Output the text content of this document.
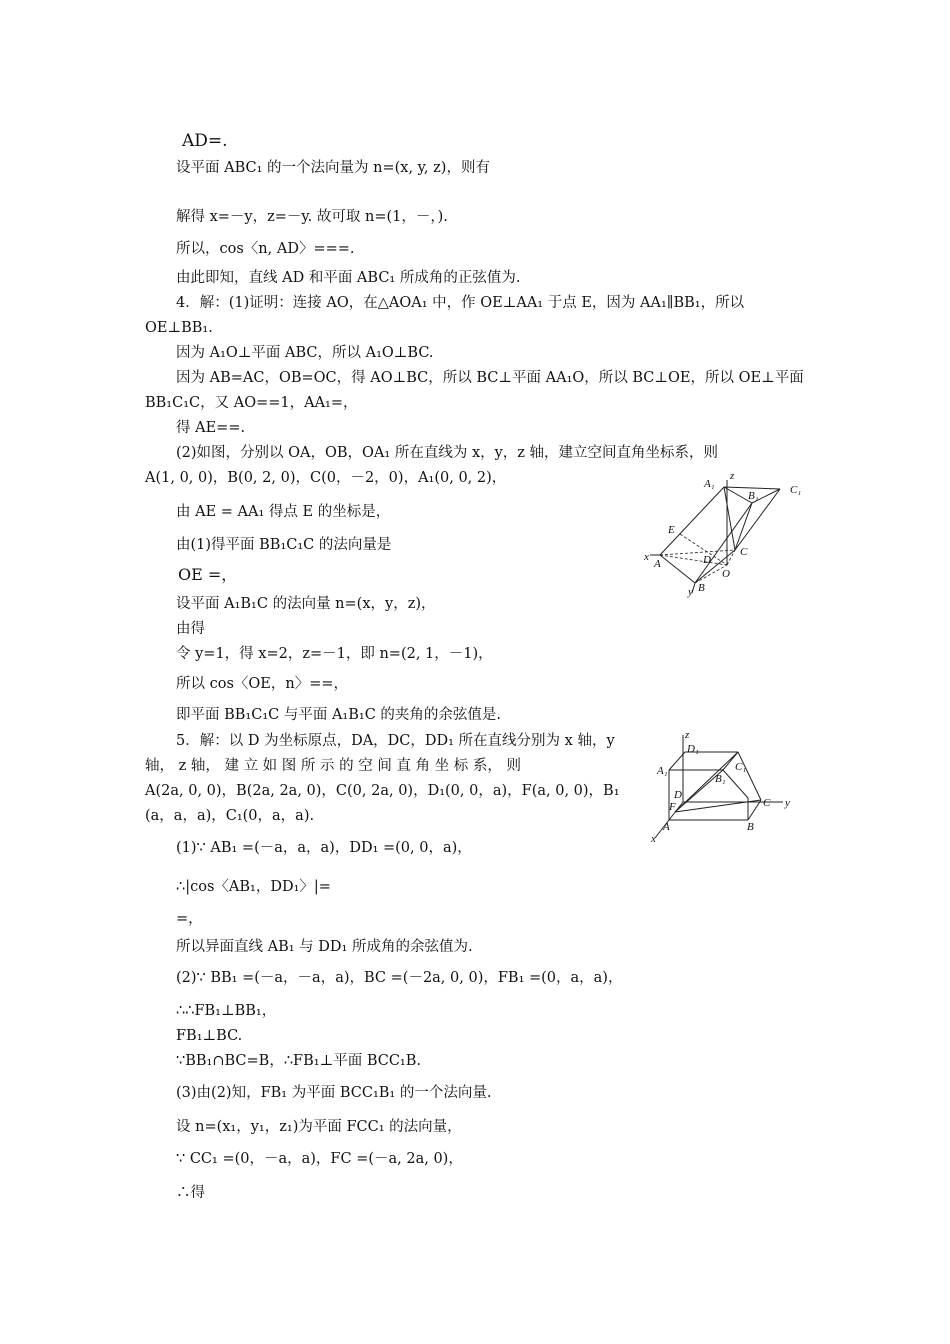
AD=.
设平面 ABC₁ 的一个法向量为 n=(x, y, z)，则有
解得 x=－y，z=－y. 故可取 n=(1，－，).
所以，cos〈n, AD〉===.
由此即知，直线 AD 和平面 ABC₁ 所成角的正弦值为.
4．解：(1)证明：连接 AO，在△AOA₁ 中，作 OE⊥AA₁ 于点 E，因为 AA₁∥BB₁，所以
OE⊥BB₁.
因为 A₁O⊥平面 ABC，所以 A₁O⊥BC.
因为 AB=AC，OB=OC，得 AO⊥BC，所以 BC⊥平面 AA₁O，所以 BC⊥OE，所以 OE⊥平面
BB₁C₁C，又 AO==1，AA₁=，
得 AE==.
(2)如图，分别以 OA，OB，OA₁ 所在直线为 x，y，z 轴，建立空间直角坐标系，则
A(1, 0, 0)，B(0, 2, 0)，C(0，－2，0)，A₁(0, 0, 2)，
由 AE = AA₁ 得点 E 的坐标是，
由(1)得平面 BB₁C₁C 的法向量是
OE =，
设平面 A₁B₁C 的法向量 n=(x，y，z)，
由得
令 y=1，得 x=2，z=－1，即 n=(2, 1，－1)，
所以 cos〈OE，n〉==，
即平面 BB₁C₁C 与平面 A₁B₁C 的夹角的余弦值是.
5．解：以 D 为坐标原点，DA，DC，DD₁ 所在直线分别为 x 轴，y
轴， z 轴， 建 立 如 图 所 示 的 空 间 直 角 坐 标 系， 则
A(2a, 0, 0)，B(2a, 2a, 0)，C(0, 2a, 0)，D₁(0, 0，a)，F(a, 0, 0)，B₁
(a，a，a)，C₁(0，a，a).
(1)∵ AB₁ =(－a，a，a)，DD₁ =(0, 0，a)，
∴|cos〈AB₁，DD₁〉|=
=，
所以异面直线 AB₁ 与 DD₁ 所成角的余弦值为.
(2)∵ BB₁ =(－a，－a，a)，BC =(－2a, 0, 0)，FB₁ =(0，a，a)，
∴∴FB₁⊥BB₁，
FB₁⊥BC.
∵BB₁∩BC=B，∴FB₁⊥平面 BCC₁B.
(3)由(2)知，FB₁ 为平面 BCC₁B₁ 的一个法向量.
设 n=(x₁，y₁，z₁)为平面 FCC₁ 的法向量，
∵ CC₁ =(0，－a，a)，FC =(－a, 2a, 0)，
∴得
z
A₁
B₁	C₁
E
x
A	D
O
C
y B
z
D₁
A₁	C₁
B₁
D
F	C y
A	B
x
